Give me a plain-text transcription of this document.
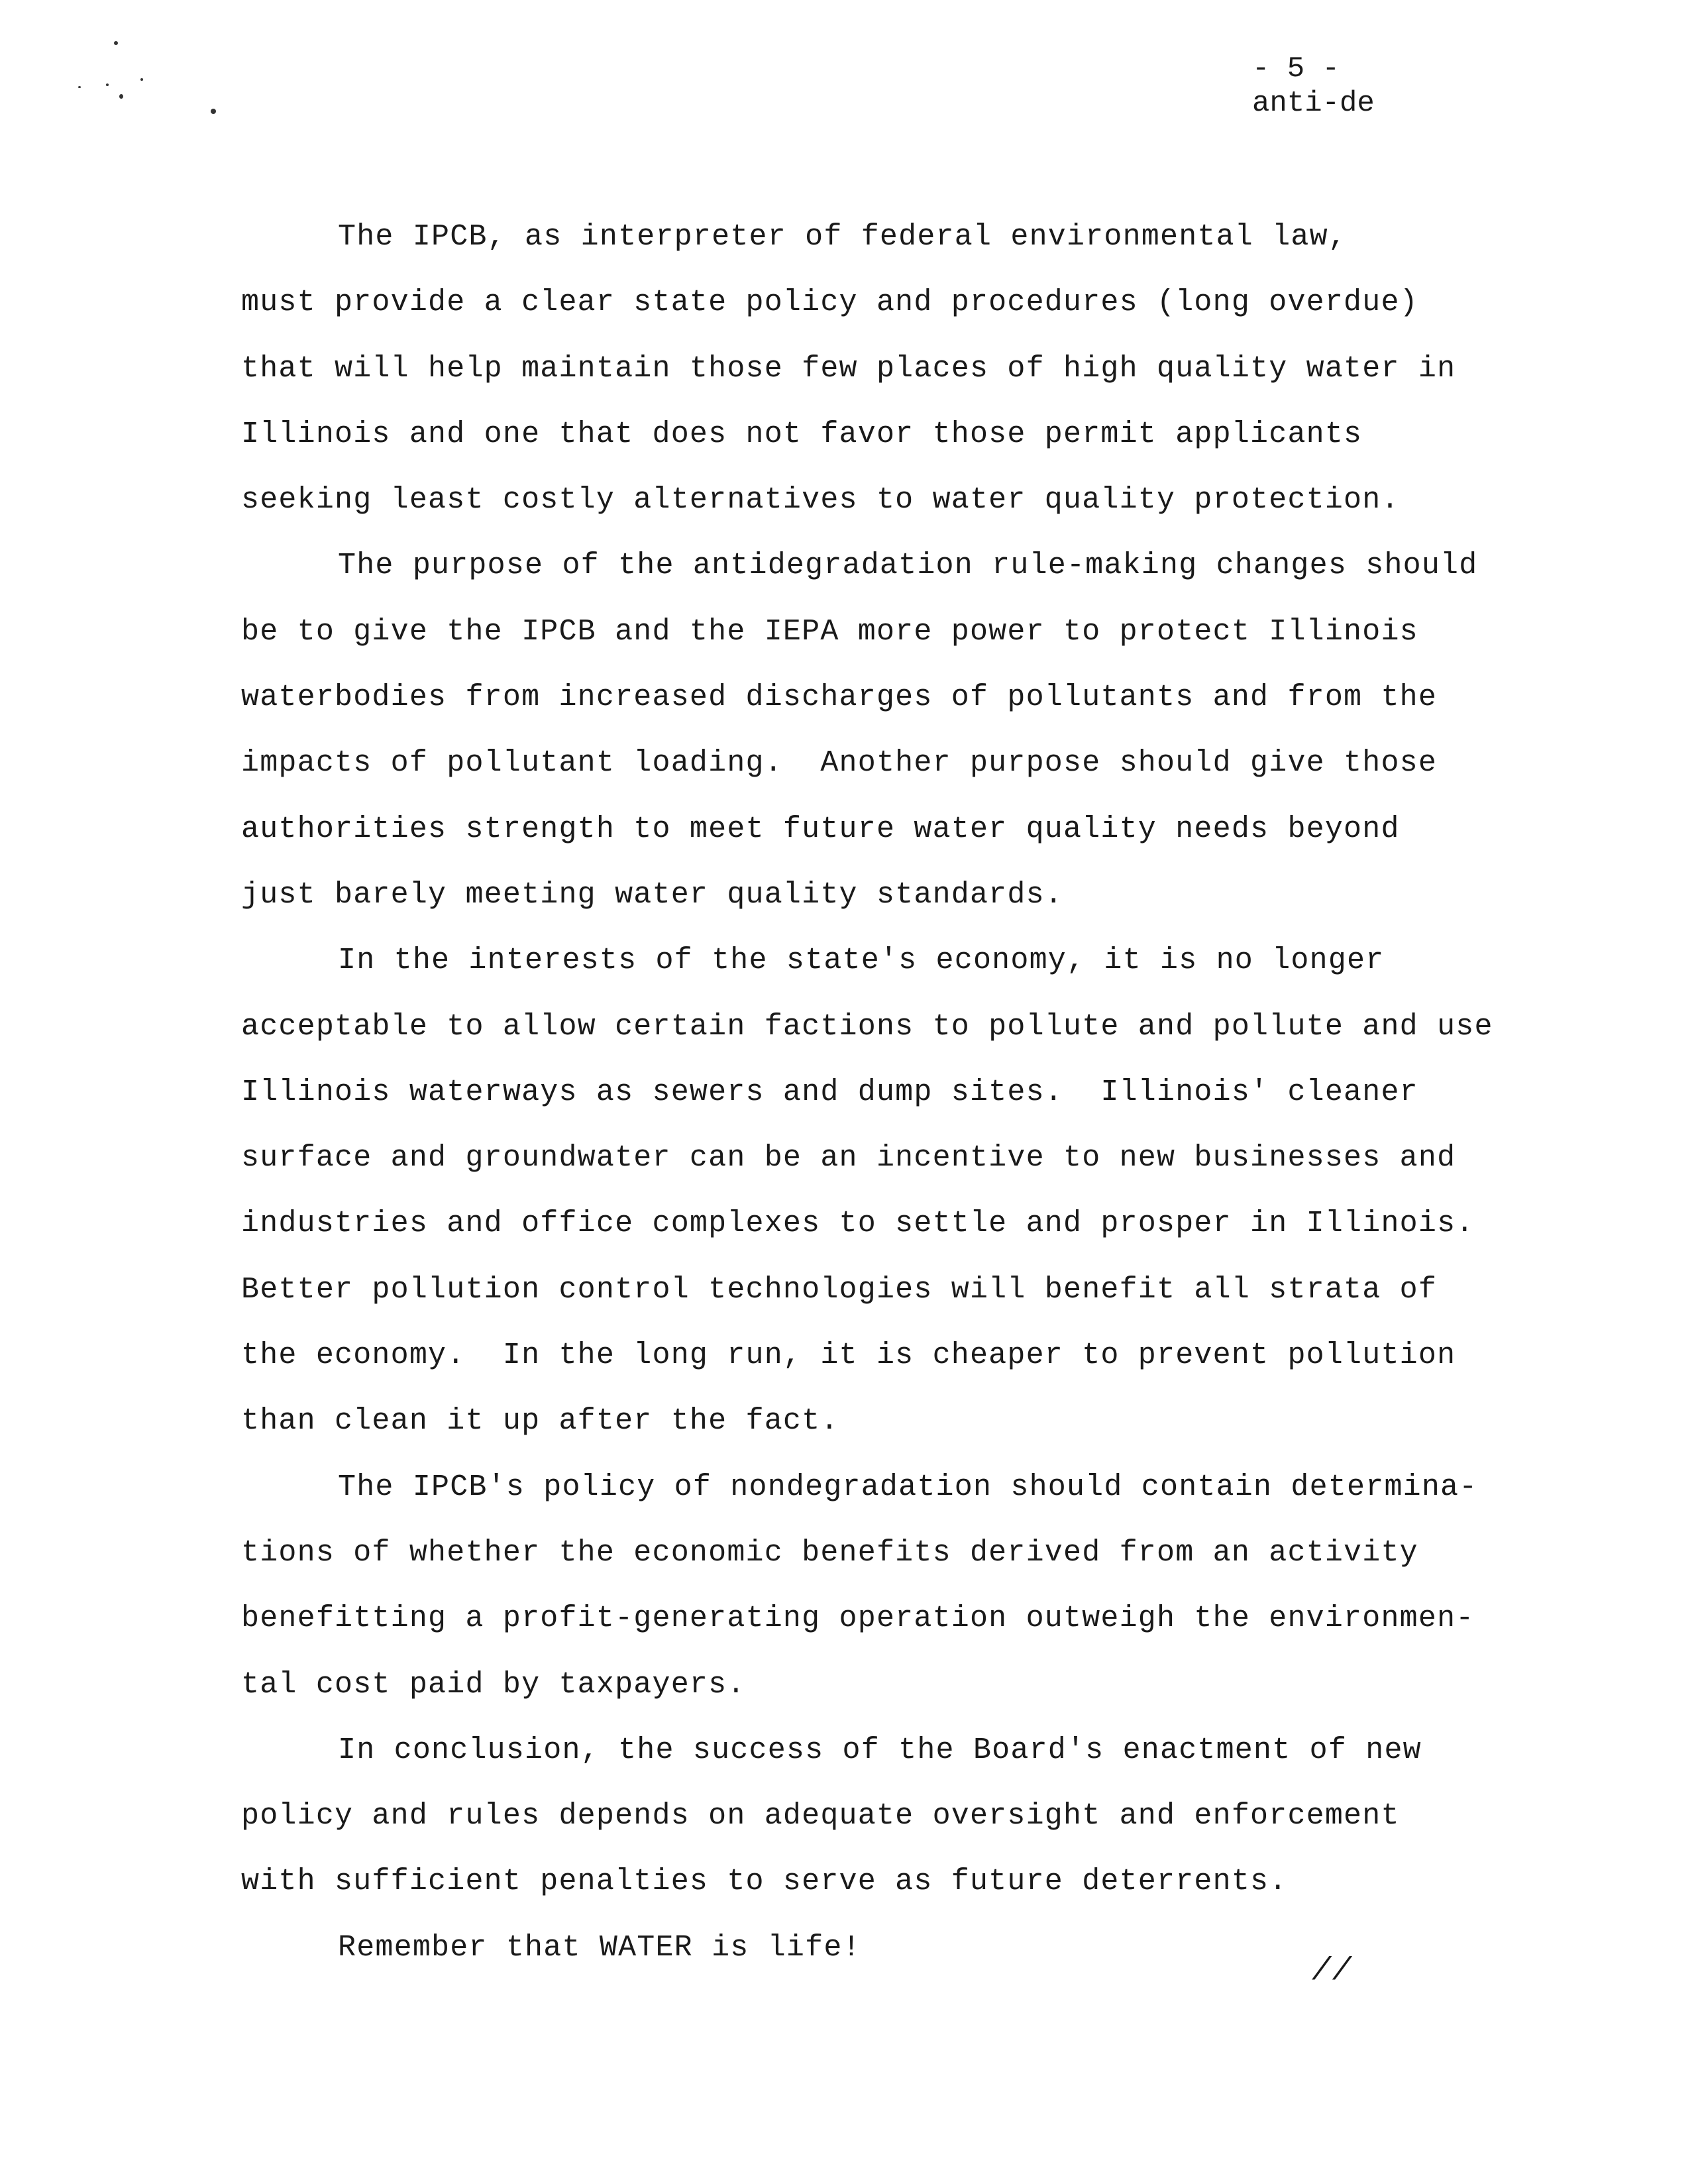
- 5 -
anti-de
The IPCB, as interpreter of federal environmental law,
must provide a clear state policy and procedures (long overdue)
that will help maintain those few places of high quality water in
Illinois and one that does not favor those permit applicants
seeking least costly alternatives to water quality protection.
The purpose of the antidegradation rule-making changes should
be to give the IPCB and the IEPA more power to protect Illinois
waterbodies from increased discharges of pollutants and from the
impacts of pollutant loading.  Another purpose should give those
authorities strength to meet future water quality needs beyond
just barely meeting water quality standards.
In the interests of the state's economy, it is no longer
acceptable to allow certain factions to pollute and pollute and use
Illinois waterways as sewers and dump sites.  Illinois' cleaner
surface and groundwater can be an incentive to new businesses and
industries and office complexes to settle and prosper in Illinois.
Better pollution control technologies will benefit all strata of
the economy.  In the long run, it is cheaper to prevent pollution
than clean it up after the fact.
The IPCB's policy of nondegradation should contain determina-
tions of whether the economic benefits derived from an activity
benefitting a profit-generating operation outweigh the environmen-
tal cost paid by taxpayers.
In conclusion, the success of the Board's enactment of new
policy and rules depends on adequate oversight and enforcement
with sufficient penalties to serve as future deterrents.
Remember that WATER is life!
//
